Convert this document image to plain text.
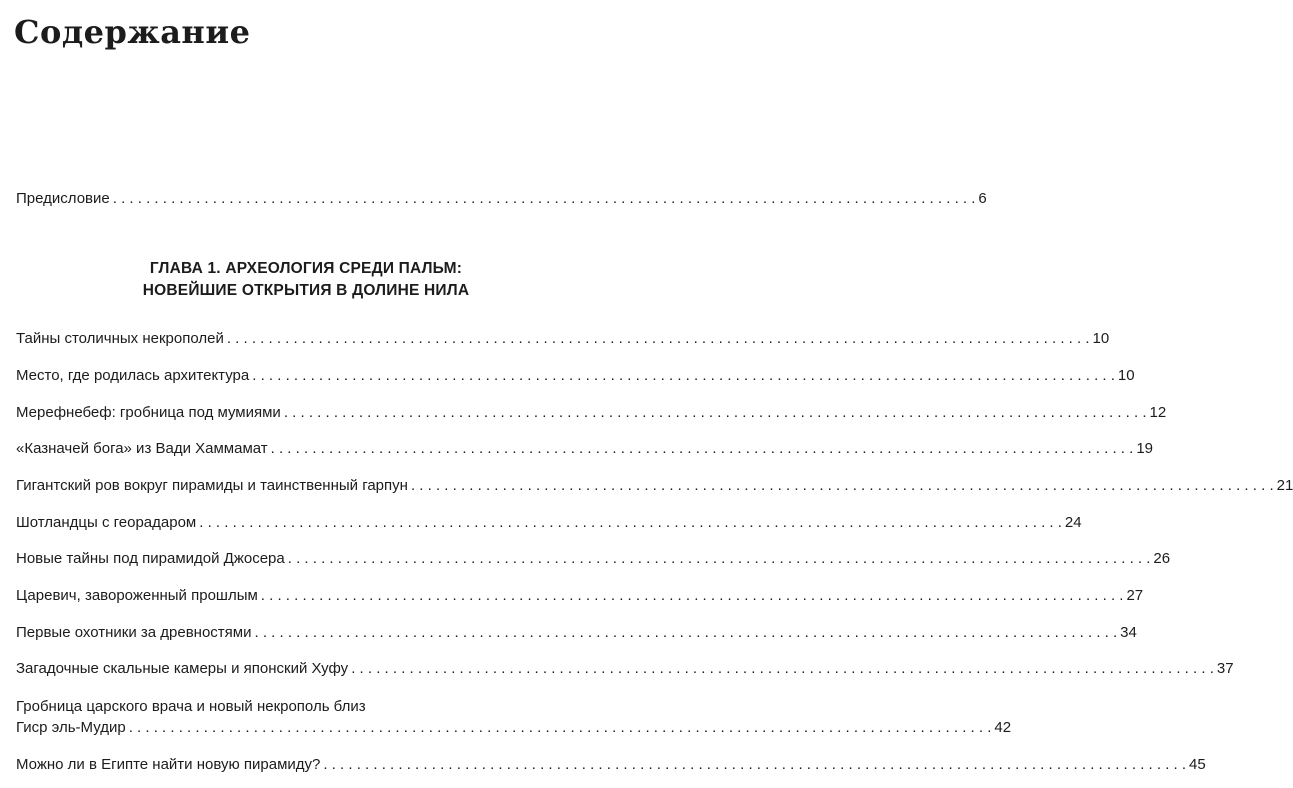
Содержание
Предисловие . . .	6
ГЛАВА 1. АРХЕОЛОГИЯ СРЕДИ ПАЛЬМ:
НОВЕЙШИЕ ОТКРЫТИЯ В ДОЛИНЕ НИЛА
Тайны столичных некрополей . . .	10
Место, где родилась архитектура . . .	10
Мерефнебеф: гробница под мумиями . . .	12
«Казначей бога» из Вади Хаммамат . . .	19
Гигантский ров вокруг пирамиды и таинственный гарпун . . .	21
Шотландцы с георадаром . . .	24
Новые тайны под пирамидой Джосера . . .	26
Царевич, завороженный прошлым . . .	27
Первые охотники за древностями . . .	34
Загадочные скальные камеры и японский Хуфу . . .	37
Гробница царского врача и новый некрополь близ
Гиср эль-Мудир . . .	42
Можно ли в Египте найти новую пирамиду? . . .	45
